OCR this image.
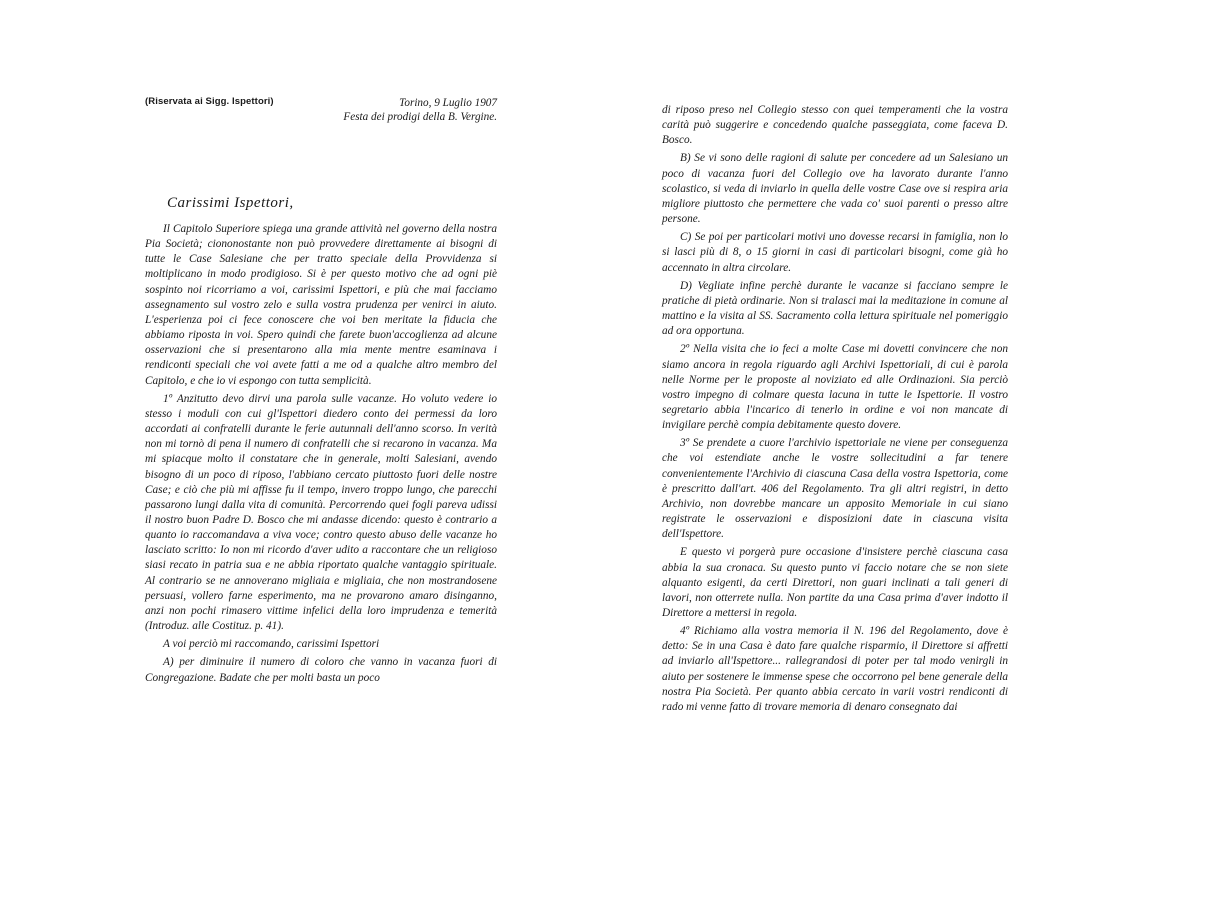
(Riservata ai Sigg. Ispettori)	Torino, 9 Luglio 1907
Festa dei prodigi della B. Vergine.
Carissimi Ispettori,

Il Capitolo Superiore spiega una grande attività nel governo della nostra Pia Società; ciononostante non può provvedere direttamente ai bisogni di tutte le Case Salesiane che per tratto speciale della Provvidenza si moltiplicano in modo prodigioso. Si è per questo motivo che ad ogni piè sospinto noi ricorriamo a voi, carissimi Ispettori, e più che mai facciamo assegnamento sul vostro zelo e sulla vostra prudenza per venirci in aiuto. L'esperienza poi ci fece conoscere che voi ben meritate la fiducia che abbiamo riposta in voi. Spero quindi che farete buon'accoglienza ad alcune osservazioni che si presentarono alla mia mente mentre esaminava i rendiconti speciali che voi avete fatti a me od a qualche altro membro del Capitolo, e che io vi espongo con tutta semplicità.

1º Anzitutto devo dirvi una parola sulle vacanze. Ho voluto vedere io stesso i moduli con cui gl'Ispettori diedero conto dei permessi da loro accordati ai confratelli durante le ferie autunnali dell'anno scorso. In verità non mi tornò di pena il numero di confratelli che si recarono in vacanza. Ma mi spiacque molto il constatare che in generale, molti Salesiani, avendo bisogno di un poco di riposo, l'abbiano cercato piuttosto fuori delle nostre Case; e ciò che più mi affisse fu il tempo, invero troppo lungo, che parecchi passarono lungi dalla vita di comunità. Percorrendo quei fogli pareva udissi il nostro buon Padre D. Bosco che mi andasse dicendo: questo è contrario a quanto io raccomandava a viva voce; contro questo abuso delle vacanze ho lasciato scritto: Io non mi ricordo d'aver udito a raccontare che un religioso siasi recato in patria sua e ne abbia riportato qualche vantaggio spirituale. Al contrario se ne annoverano migliaia e migliaia, che non mostrandosene persuasi, vollero farne esperimento, ma ne provarono amaro disinganno, anzi non pochi rimasero vittime infelici della loro imprudenza e temerità (Introduz. alle Costituz. p. 41).

A voi perciò mi raccomando, carissimi Ispettori

A) per diminuire il numero di coloro che vanno in vacanza fuori di Congregazione. Badate che per molti basta un poco

di riposo preso nel Collegio stesso con quei temperamenti che la vostra carità può suggerire e concedendo qualche passeggiata, come faceva D. Bosco.

B) Se vi sono delle ragioni di salute per concedere ad un Salesiano un poco di vacanza fuori del Collegio ove ha lavorato durante l'anno scolastico, si veda di inviarlo in quella delle vostre Case ove si respira aria migliore piuttosto che permettere che vada co' suoi parenti o presso altre persone.

C) Se poi per particolari motivi uno dovesse recarsi in famiglia, non lo si lasci più di 8, o 15 giorni in casi di particolari bisogni, come già ho accennato in altra circolare.

D) Vegliate infine perchè durante le vacanze si facciano sempre le pratiche di pietà ordinarie. Non si tralasci mai la meditazione in comune al mattino e la visita al SS. Sacramento colla lettura spirituale nel pomeriggio ad ora opportuna.

2º Nella visita che io feci a molte Case mi dovetti convincere che non siamo ancora in regola riguardo agli Archivi Ispettoriali, di cui è parola nelle Norme per le proposte al noviziato ed alle Ordinazioni. Sia perciò vostro impegno di colmare questa lacuna in tutte le Ispettorie. Il vostro segretario abbia l'incarico di tenerlo in ordine e voi non mancate di invigilare perchè compia debitamente questo dovere.

3º Se prendete a cuore l'archivio ispettoriale ne viene per conseguenza che voi estendiate anche le vostre sollecitudini a far tenere convenientemente l'Archivio di ciascuna Casa della vostra Ispettoria, come è prescritto dall'art. 406 del Regolamento. Tra gli altri registri, in detto Archivio, non dovrebbe mancare un apposito Memoriale in cui siano registrate le osservazioni e disposizioni date in ciascuna visita dell'Ispettore.

E questo vi porgerà pure occasione d'insistere perchè ciascuna casa abbia la sua cronaca. Su questo punto vi faccio notare che se non siete alquanto esigenti, da certi Direttori, non guari inclinati a tali generi di lavori, non otterrete nulla. Non partite da una Casa prima d'aver indotto il Direttore a mettersi in regola.

4º Richiamo alla vostra memoria il N. 196 del Regolamento, dove è detto: Se in una Casa è dato fare qualche risparmio, il Direttore si affretti ad inviarlo all'Ispettore... rallegrandosi di poter per tal modo venirgli in aiuto per sostenere le immense spese che occorrono pel bene generale della nostra Pia Società. Per quanto abbia cercato in varii vostri rendiconti di rado mi venne fatto di trovare memoria di denaro consegnato dai
